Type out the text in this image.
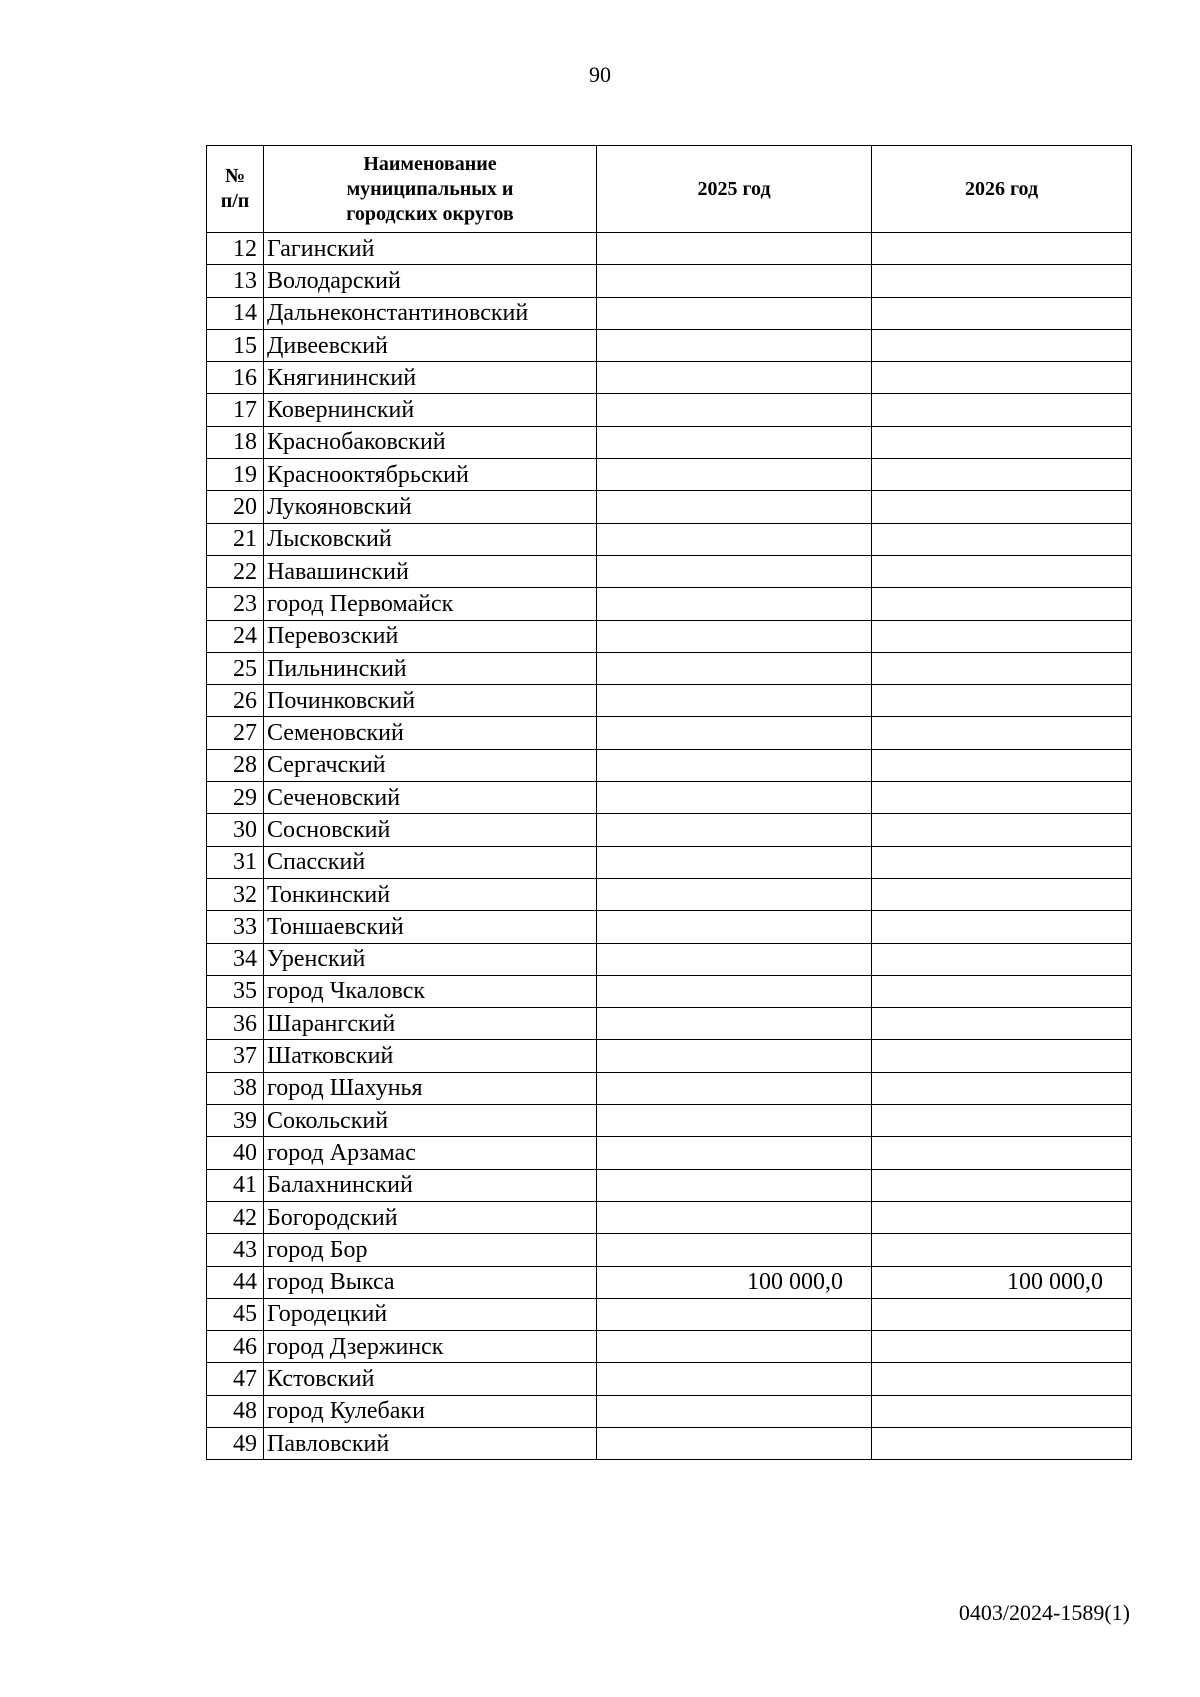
90
№ п/п	Наименование муниципальных и городских округов	2025 год	2026 год
12	Гагинский		
13	Володарский		
14	Дальнеконстантиновский		
15	Дивеевский		
16	Княгининский		
17	Ковернинский		
18	Краснобаковский		
19	Краснооктябрьский		
20	Лукояновский		
21	Лысковский		
22	Навашинский		
23	город Первомайск		
24	Перевозский		
25	Пильнинский		
26	Починковский		
27	Семеновский		
28	Сергачский		
29	Сеченовский		
30	Сосновский		
31	Спасский		
32	Тонкинский		
33	Тоншаевский		
34	Уренский		
35	город Чкаловск		
36	Шарангский		
37	Шатковский		
38	город Шахунья		
39	Сокольский		
40	город Арзамас		
41	Балахнинский		
42	Богородский		
43	город Бор		
44	город Выкса	100 000,0	100 000,0
45	Городецкий		
46	город Дзержинск		
47	Кстовский		
48	город Кулебаки		
49	Павловский		
0403/2024-1589(1)
